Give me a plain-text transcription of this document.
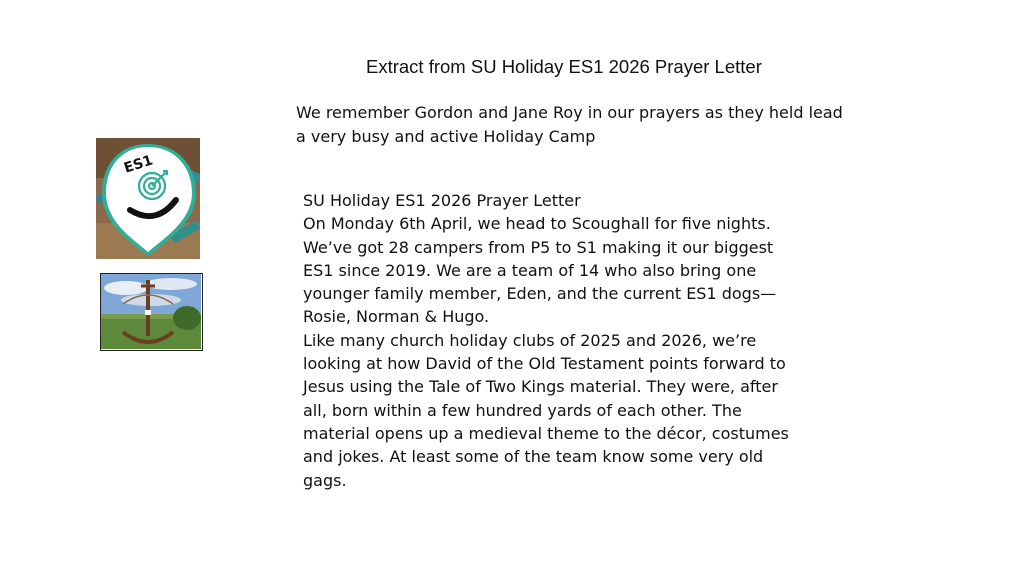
Extract from SU Holiday ES1 2026 Prayer Letter
We remember Gordon and Jane Roy in our prayers as they held lead
a very busy and active Holiday Camp
SU Holiday ES1 2026 Prayer Letter
On Monday 6th April, we head to Scoughall for five nights.
We’ve got 28 campers from P5 to S1 making it our biggest
ES1 since 2019. We are a team of 14 who also bring one
younger family member, Eden, and the current ES1 dogs—
Rosie, Norman & Hugo.
Like many church holiday clubs of 2025 and 2026, we’re
looking at how David of the Old Testament points forward to
Jesus using the Tale of Two Kings material. They were, after
all, born within a few hundred yards of each other. The
material opens up a medieval theme to the décor, costumes
and jokes. At least some of the team know some very old
gags.
ES1
